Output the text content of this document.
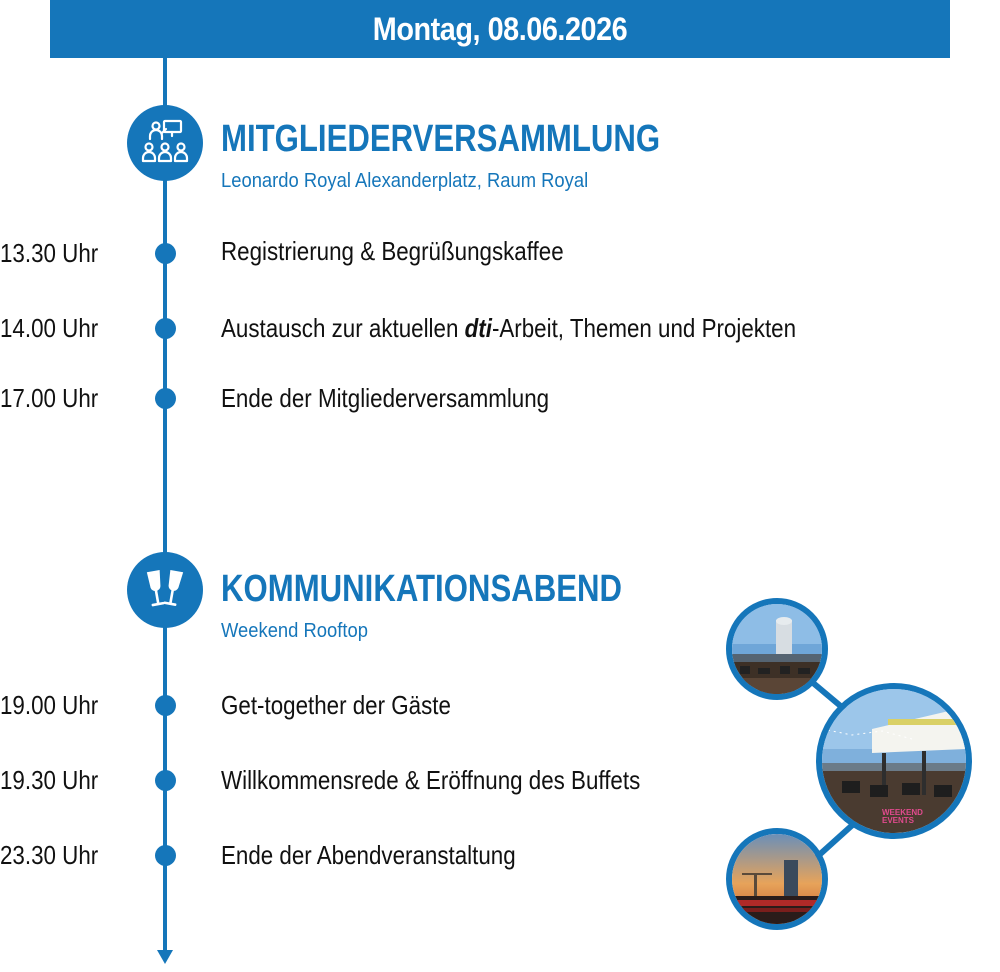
Montag, 08.06.2026
MITGLIEDERVERSAMMLUNG
Leonardo Royal Alexanderplatz, Raum Royal
13.30 Uhr	Registrierung & Begrüßungskaffee
14.00 Uhr	Austausch zur aktuellen dti-Arbeit, Themen und Projekten
17.00 Uhr	Ende der Mitgliederversammlung
KOMMUNIKATIONSABEND
Weekend Rooftop
19.00 Uhr	Get-together der Gäste
19.30 Uhr	Willkommensrede & Eröffnung des Buffets
23.30 Uhr	Ende der Abendveranstaltung
WEEKEND
EVENTS
